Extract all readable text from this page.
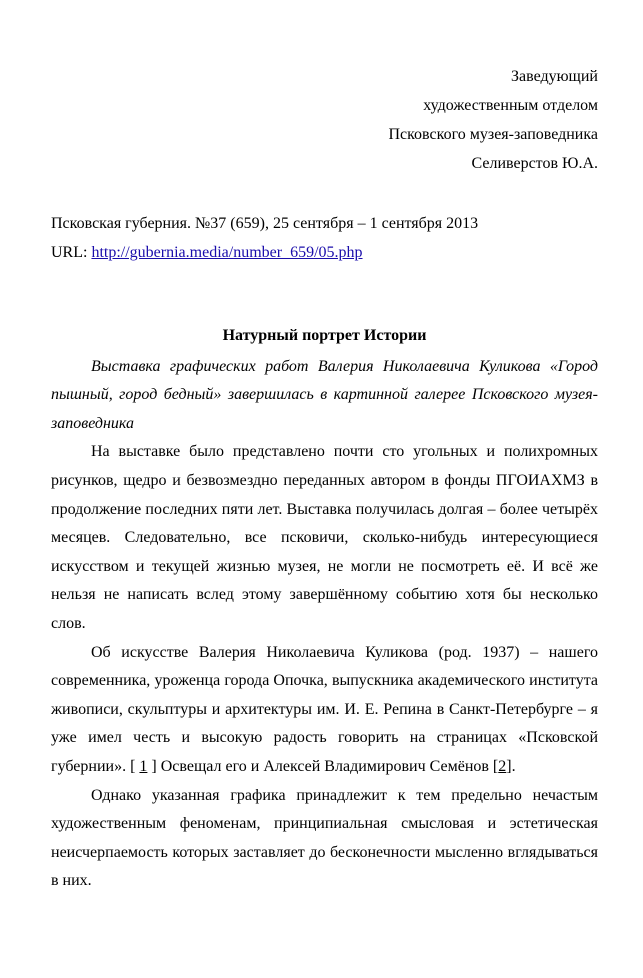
Заведующий
художественным отделом
Псковского музея-заповедника
Селиверстов Ю.А.
Псковская губерния. №37 (659), 25 сентября – 1 сентября 2013
URL: http://gubernia.media/number_659/05.php
Натурный портрет Истории

Выставка графических работ Валерия Николаевича Куликова «Город пышный, город бедный» завершилась в картинной галерее Псковского музея-заповедника

На выставке было представлено почти сто угольных и полихромных рисунков, щедро и безвозмездно переданных автором в фонды ПГОИАХМЗ в продолжение последних пяти лет. Выставка получилась долгая – более четырёх месяцев. Следовательно, все псковичи, сколько-нибудь интересующиеся искусством и текущей жизнью музея, не могли не посмотреть её. И всё же нельзя не написать вслед этому завершённому событию хотя бы несколько слов.

Об искусстве Валерия Николаевича Куликова (род. 1937) – нашего современника, уроженца города Опочка, выпускника академического института живописи, скульптуры и архитектуры им. И. Е. Репина в Санкт-Петербурге – я уже имел честь и высокую радость говорить на страницах «Псковской губернии». [ 1 ] Освещал его и Алексей Владимирович Семёнов [2].

Однако указанная графика принадлежит к тем предельно нечастым художественным феноменам, принципиальная смысловая и эстетическая неисчерпаемость которых заставляет до бесконечности мысленно вглядываться в них.
